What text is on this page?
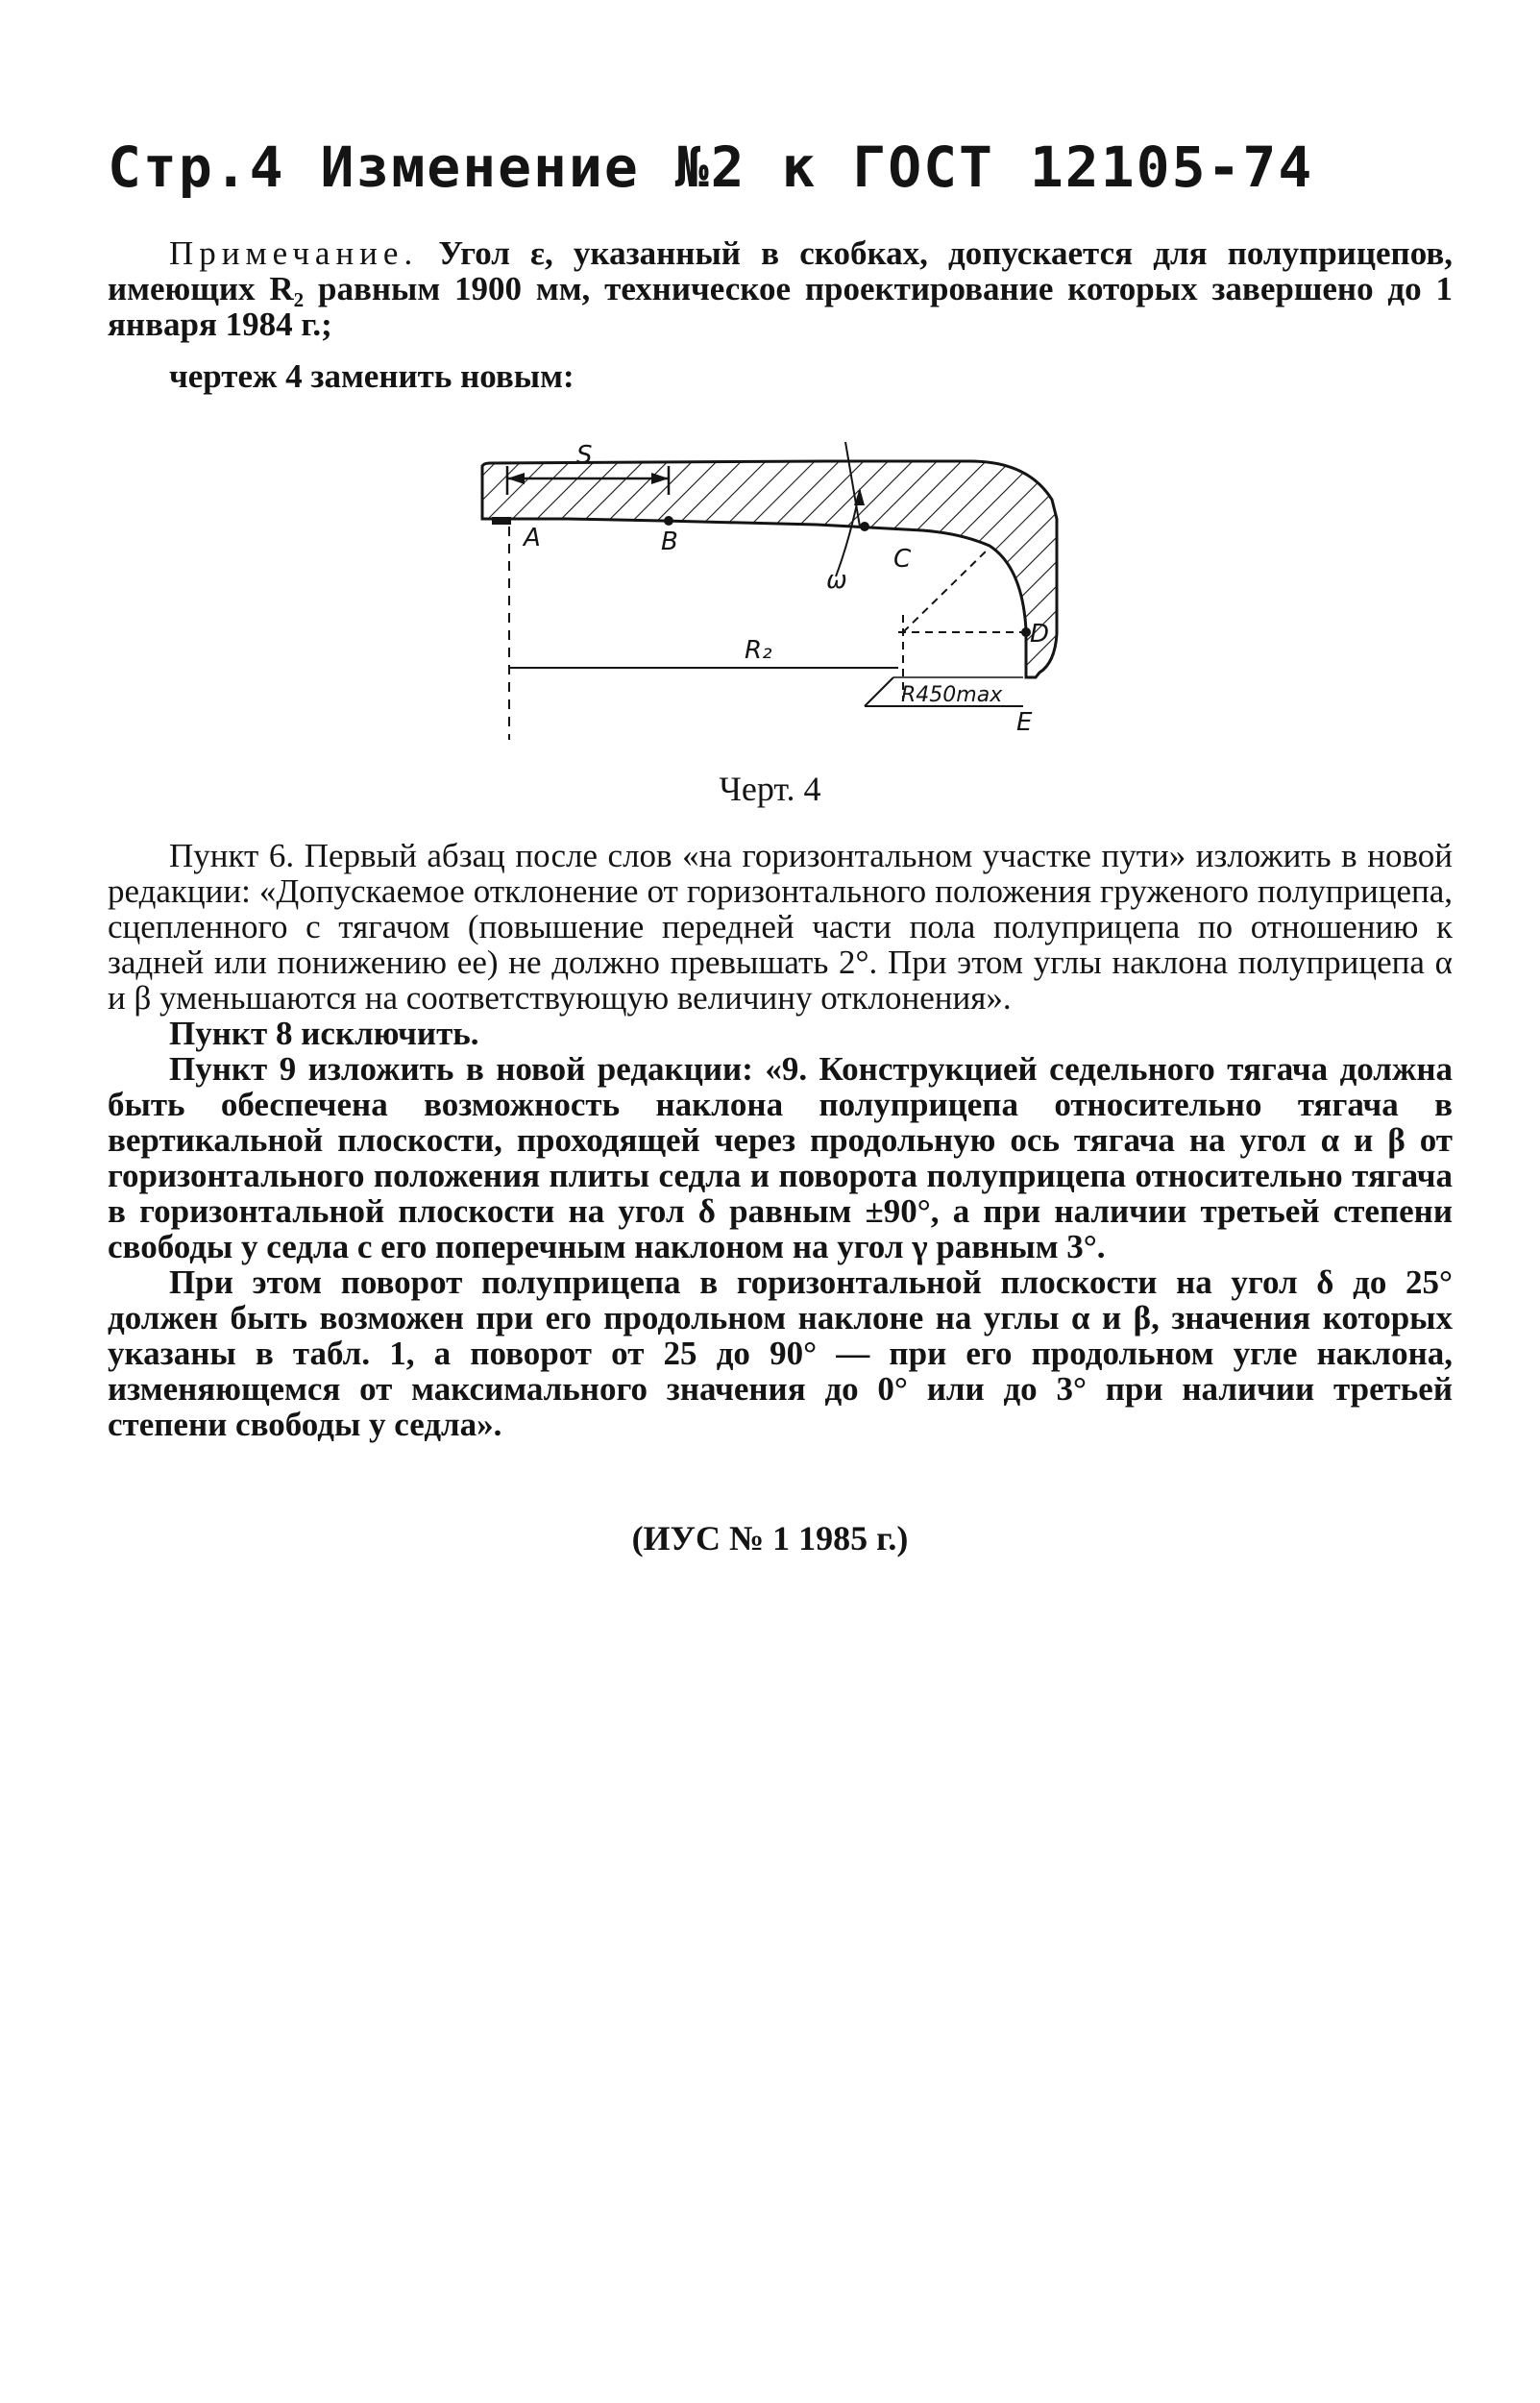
Стр.4 Изменение №2 к ГОСТ 12105-74

Примечание. Угол ε, указанный в скобках, допускается для полуприцепов, имеющих R₂ равным 1900 мм, техническое проектирование которых завершено до 1 января 1984 г.;

чертеж 4 заменить новым:
S
A	B
C
ω
D
E
R₂
R450max
Черт. 4

Пункт 6. Первый абзац после слов «на горизонтальном участке пути» изложить в новой редакции: «Допускаемое отклонение от горизонтального положения груженого полуприцепа, сцепленного с тягачом (повышение передней части пола полуприцепа по отношению к задней или понижению ее) не должно превышать 2°. При этом углы наклона полуприцепа α и β уменьшаются на соответствующую величину отклонения».

Пункт 8 исключить.

Пункт 9 изложить в новой редакции: «9. Конструкцией седельного тягача должна быть обеспечена возможность наклона полуприцепа относительно тягача в вертикальной плоскости, проходящей через продольную ось тягача на угол α и β от горизонтального положения плиты седла и поворота полуприцепа относительно тягача в горизонтальной плоскости на угол δ равным ±90°, а при наличии третьей степени свободы у седла с его поперечным наклоном на угол γ равным 3°.

При этом поворот полуприцепа в горизонтальной плоскости на угол δ до 25° должен быть возможен при его продольном наклоне на углы α и β, значения которых указаны в табл. 1, а поворот от 25 до 90° — при его продольном угле наклона, изменяющемся от максимального значения до 0° или до 3° при наличии третьей степени свободы у седла».

(ИУС № 1 1985 г.)
